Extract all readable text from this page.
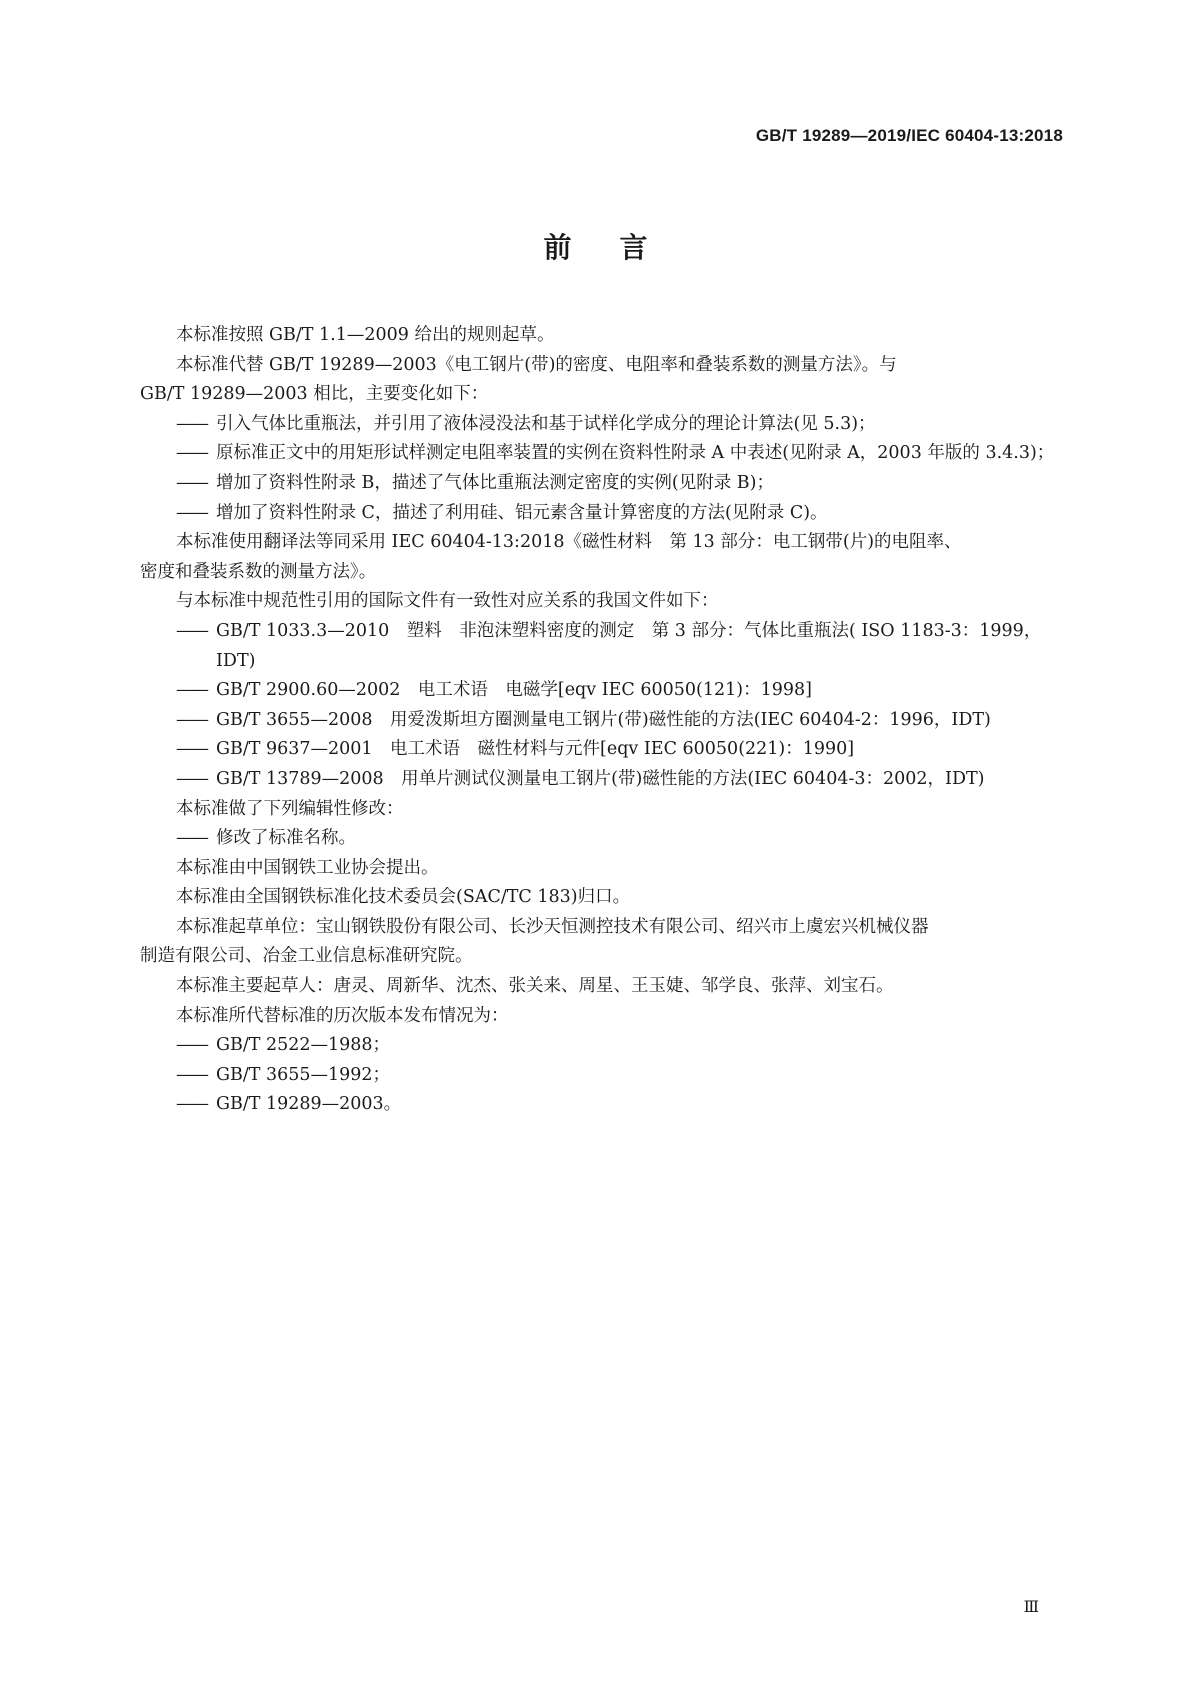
GB/T 19289—2019/IEC 60404-13:2018
前言

本标准按照 GB/T 1.1—2009 给出的规则起草。

本标准代替 GB/T 19289—2003《电工钢片(带)的密度、电阻率和叠装系数的测量方法》。与

GB/T 19289—2003 相比，主要变化如下：

—— 引入气体比重瓶法，并引用了液体浸没法和基于试样化学成分的理论计算法(见 5.3)；

—— 原标准正文中的用矩形试样测定电阻率装置的实例在资料性附录 A 中表述(见附录 A，2003 年版的 3.4.3)；

—— 增加了资料性附录 B，描述了气体比重瓶法测定密度的实例(见附录 B)；

—— 增加了资料性附录 C，描述了利用硅、铝元素含量计算密度的方法(见附录 C)。

本标准使用翻译法等同采用 IEC 60404-13:2018《磁性材料　第 13 部分：电工钢带(片)的电阻率、

密度和叠装系数的测量方法》。

与本标准中规范性引用的国际文件有一致性对应关系的我国文件如下：

—— GB/T 1033.3—2010　塑料　非泡沫塑料密度的测定　第 3 部分：气体比重瓶法( ISO 1183-3：1999，IDT)

—— GB/T 2900.60—2002　电工术语　电磁学[eqv IEC 60050(121)：1998]

—— GB/T 3655—2008　用爱泼斯坦方圈测量电工钢片(带)磁性能的方法(IEC 60404-2：1996，IDT)

—— GB/T 9637—2001　电工术语　磁性材料与元件[eqv IEC 60050(221)：1990]

—— GB/T 13789—2008　用单片测试仪测量电工钢片(带)磁性能的方法(IEC 60404-3：2002，IDT)

本标准做了下列编辑性修改：

—— 修改了标准名称。

本标准由中国钢铁工业协会提出。

本标准由全国钢铁标准化技术委员会(SAC/TC 183)归口。

本标准起草单位：宝山钢铁股份有限公司、长沙天恒测控技术有限公司、绍兴市上虞宏兴机械仪器

制造有限公司、冶金工业信息标准研究院。

本标准主要起草人：唐灵、周新华、沈杰、张关来、周星、王玉婕、邹学良、张萍、刘宝石。

本标准所代替标准的历次版本发布情况为：

—— GB/T 2522—1988；

—— GB/T 3655—1992；

—— GB/T 19289—2003。

Ⅲ
